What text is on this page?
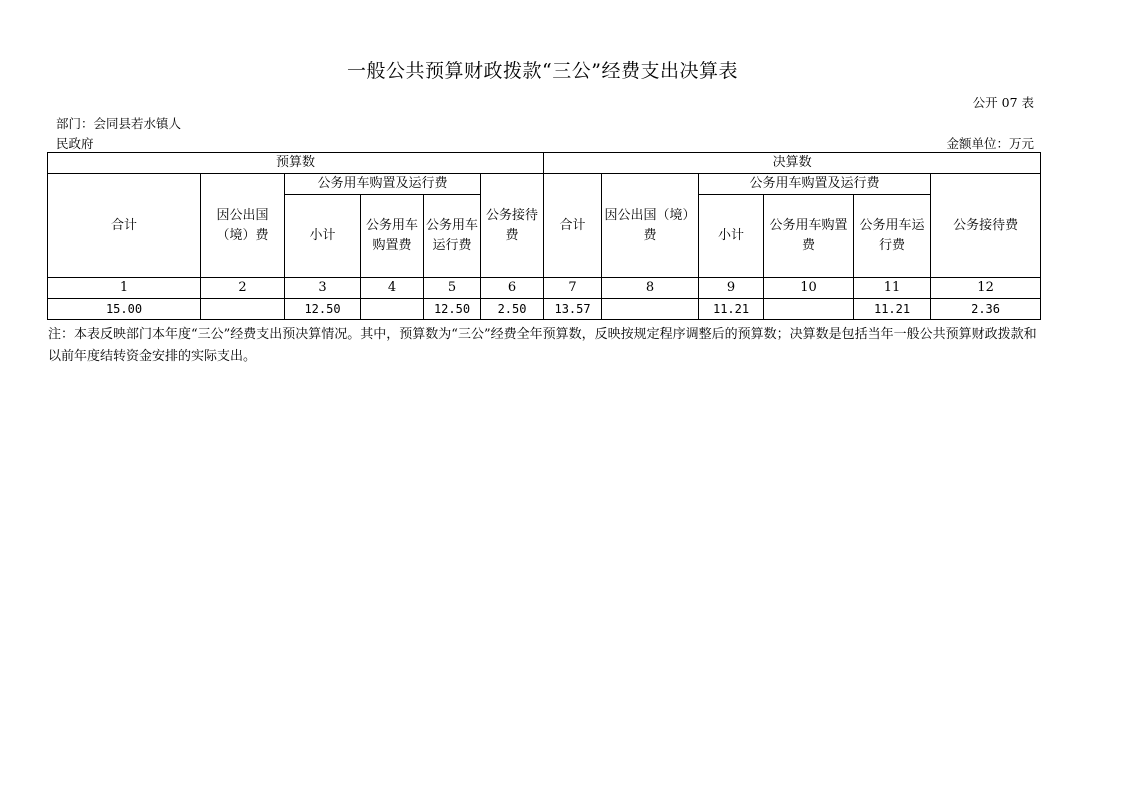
一般公共预算财政拨款“三公”经费支出决算表
公开 07 表
部门：会同县若水镇人
民政府	金额单位：万元
预算数						决算数					
合计	因公出国（境）费	公务用车购置及运行费			公务接待费	合计	因公出国（境）费	公务用车购置及运行费			公务接待费
		小计	公务用车购置费	公务用车运行费				小计	公务用车购置费	公务用车运行费	
1	2	3	4	5	6	7	8	9	10	11	12
15.00		12.50		12.50	2.50	13.57		11.21		11.21	2.36
注：本表反映部门本年度“三公”经费支出预决算情况。其中，预算数为“三公”经费全年预算数，反映按规定程序调整后的预算数；决算数是包括当年一般公共预算财政拨款和以前年度结转资金安排的实际支出。
